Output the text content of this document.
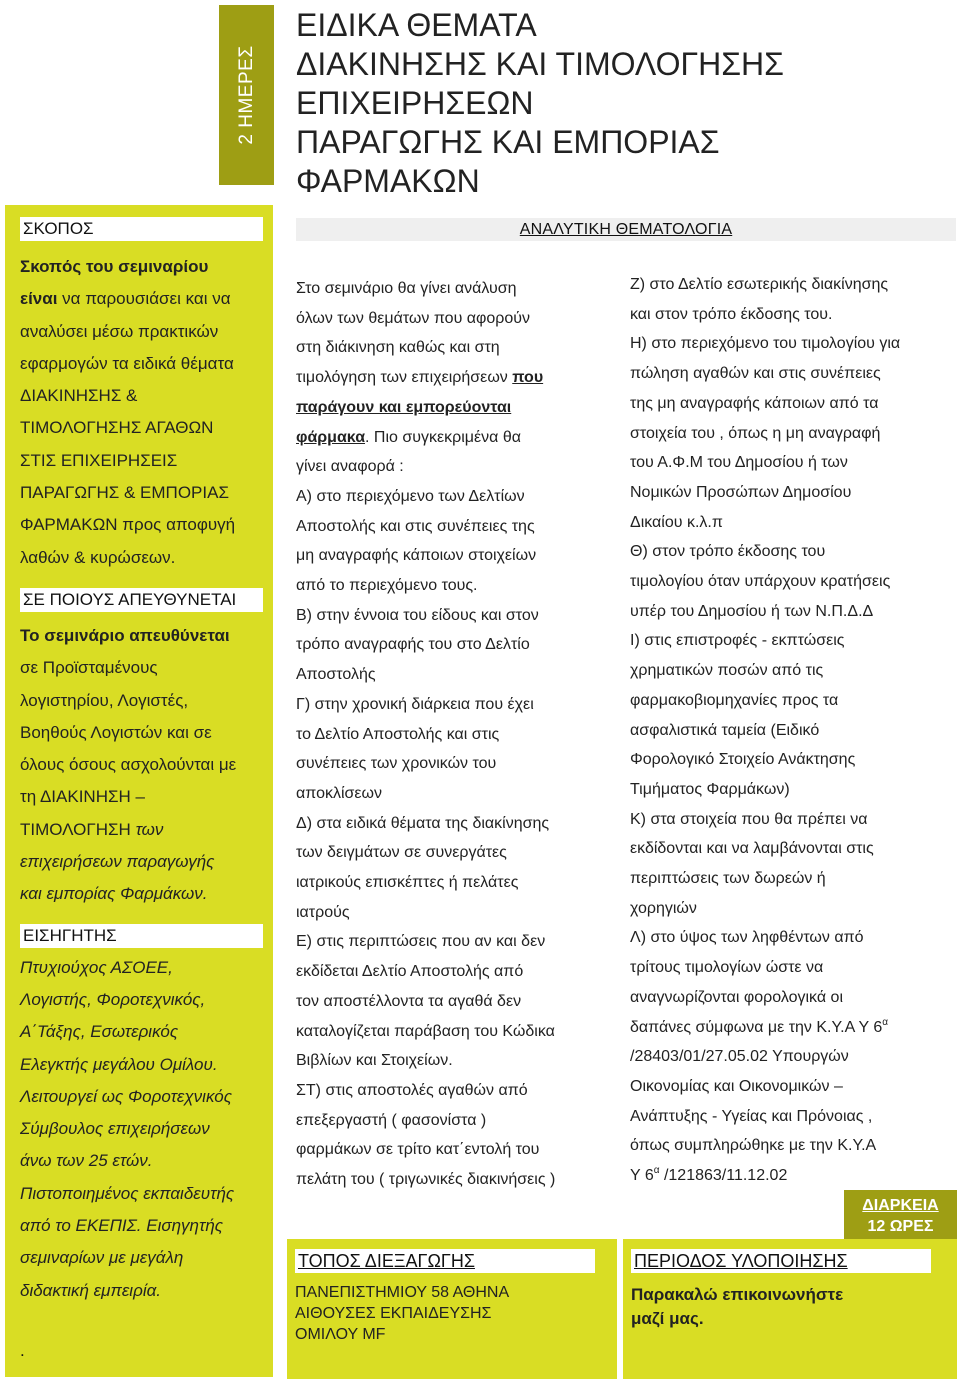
2 ΗΜΕΡΕΣ
ΕΙΔΙΚΑ ΘΕΜΑΤΑ
ΔΙΑΚΙΝΗΣΗΣ ΚΑΙ ΤΙΜΟΛΟΓΗΣΗΣ
ΕΠΙΧΕΙΡΗΣΕΩΝ
ΠΑΡΑΓΩΓΗΣ ΚΑΙ ΕΜΠΟΡΙΑΣ
ΦΑΡΜΑΚΩΝ
ΣΚΟΠΟΣ
Σκοπός του σεμιναρίου
είναι να παρουσιάσει και να
αναλύσει μέσω πρακτικών
εφαρμογών τα ειδικά θέματα
ΔΙΑΚΙΝΗΣΗΣ &
ΤΙΜΟΛΟΓΗΣΗΣ ΑΓΑΘΩΝ
ΣΤΙΣ ΕΠΙΧΕΙΡΗΣΕΙΣ
ΠΑΡΑΓΩΓΗΣ & ΕΜΠΟΡΙΑΣ
ΦΑΡΜΑΚΩΝ προς αποφυγή
λαθών & κυρώσεων.
ΣΕ ΠΟΙΟΥΣ ΑΠΕΥΘΥΝΕΤΑΙ
Το σεμινάριο απευθύνεται
σε Προϊσταμένους
λογιστηρίου, Λογιστές,
Βοηθούς Λογιστών και σε
όλους όσους ασχολούνται με
τη ΔΙΑΚΙΝΗΣΗ –
ΤΙΜΟΛΟΓΗΣΗ των
επιχειρήσεων παραγωγής
και εμπορίας Φαρμάκων.
ΕΙΣΗΓΗΤΗΣ
Πτυχιούχος ΑΣΟΕΕ,
Λογιστής, Φοροτεχνικός,
Α΄Τάξης, Εσωτερικός
Ελεγκτής μεγάλου Ομίλου.
Λειτουργεί ως Φοροτεχνικός
Σύμβουλος επιχειρήσεων
άνω των 25 ετών.
Πιστοποιημένος εκπαιδευτής
από το ΕΚΕΠΙΣ. Εισηγητής
σεμιναρίων με μεγάλη
διδακτική εμπειρία.
.
ΑΝΑΛΥΤΙΚΗ ΘΕΜΑΤΟΛΟΓΙΑ
Στο σεμινάριο θα γίνει ανάλυση
όλων των θεμάτων που αφορούν
στη διάκινηση καθώς και στη
τιμολόγηση των επιχειρήσεων που
παράγουν και εμπορεύονται
φάρμακα. Πιο συγκεκριμένα θα
γίνει αναφορά :
Α) στο περιεχόμενο των Δελτίων
Αποστολής και στις συνέπειες της
μη αναγραφής κάποιων στοιχείων
από το περιεχόμενο τους.
Β) στην έννοια του είδους και στον
τρόπο αναγραφής του στο Δελτίο
Αποστολής
Γ) στην χρονική διάρκεια που έχει
το Δελτίο Αποστολής και στις
συνέπειες των χρονικών του
αποκλίσεων
Δ) στα ειδικά θέματα της διακίνησης
των δειγμάτων σε συνεργάτες
ιατρικούς επισκέπτες ή πελάτες
ιατρούς
Ε) στις περιπτώσεις που αν και δεν
εκδίδεται Δελτίο Αποστολής από
τον αποστέλλοντα τα αγαθά δεν
καταλογίζεται παράβαση του Κώδικα
Βιβλίων και Στοιχείων.
ΣΤ) στις αποστολές αγαθών από
επεξεργαστή ( φασονίστα )
φαρμάκων σε τρίτο κατ΄εντολή του
πελάτη του ( τριγωνικές διακινήσεις )
Ζ) στο Δελτίο εσωτερικής διακίνησης
και στον τρόπο έκδοσης του.
Η) στο περιεχόμενο του τιμολογίου για
πώληση αγαθών και στις συνέπειες
της μη αναγραφής κάποιων από τα
στοιχεία του , όπως η μη αναγραφή
του Α.Φ.Μ του Δημοσίου ή των
Νομικών Προσώπων Δημοσίου
Δικαίου κ.λ.π
Θ) στον τρόπο έκδοσης του
τιμολογίου όταν υπάρχουν κρατήσεις
υπέρ του Δημοσίου ή των Ν.Π.Δ.Δ
Ι) στις επιστροφές - εκπτώσεις
χρηματικών ποσών από τις
φαρμακοβιομηχανίες προς τα
ασφαλιστικά ταμεία (Ειδικό
Φορολογικό Στοιχείο Ανάκτησης
Τιμήματος Φαρμάκων)
Κ) στα στοιχεία που θα πρέπει να
εκδίδονται και να λαμβάνονται στις
περιπτώσεις των δωρεών ή
χορηγιών
Λ) στο ύψος των ληφθέντων από
τρίτους τιμολογίων ώστε να
αναγνωρίζονται φορολογικά οι
δαπάνες σύμφωνα με την Κ.Υ.Α Υ $6^\alpha$
/28403/01/27.05.02 Υπουργών
Οικονομίας και Οικονομικών –
Ανάπτυξης - Υγείας και Πρόνοιας ,
όπως συμπληρώθηκε με την Κ.Υ.Α
Υ $6^\alpha$ /121863/11.12.02
ΔΙΑΡΚΕΙΑ
12 ΩΡΕΣ
ΤΟΠΟΣ ΔΙΕΞΑΓΩΓΗΣ
ΠΑΝΕΠΙΣΤΗΜΙΟΥ 58 ΑΘΗΝΑ
ΑΙΘΟΥΣΕΣ ΕΚΠΑΙΔΕΥΣΗΣ
ΟΜΙΛΟΥ MF
ΠΕΡΙΟΔΟΣ ΥΛΟΠΟΙΗΣΗΣ
Παρακαλώ επικοινωνήστε
μαζί μας.
